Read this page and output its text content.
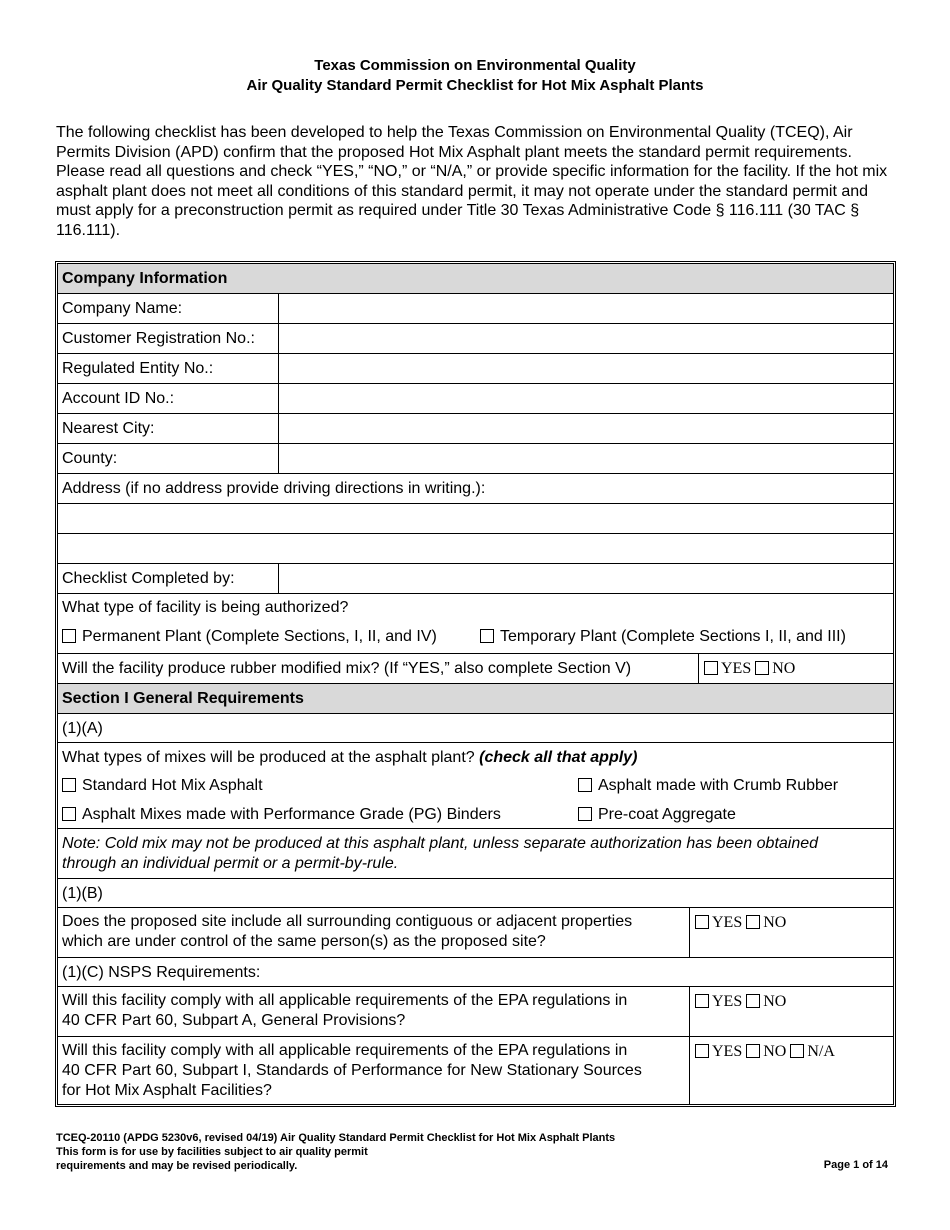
Texas Commission on Environmental Quality
Air Quality Standard Permit Checklist for Hot Mix Asphalt Plants
The following checklist has been developed to help the Texas Commission on Environmental Quality (TCEQ), Air Permits Division (APD) confirm that the proposed Hot Mix Asphalt plant meets the standard permit requirements. Please read all questions and check “YES,” “NO,” or “N/A,” or provide specific information for the facility. If the hot mix asphalt plant does not meet all conditions of this standard permit, it may not operate under the standard permit and must apply for a preconstruction permit as required under Title 30 Texas Administrative Code § 116.111 (30 TAC § 116.111).
Company Information
Company Name:
Customer Registration No.:
Regulated Entity No.:
Account ID No.:
Nearest City:
County:
Address (if no address provide driving directions in writing.):
Checklist Completed by:
What type of facility is being authorized?
Permanent Plant (Complete Sections, I, II, and IV)	Temporary Plant (Complete Sections I, II, and III)
Will the facility produce rubber modified mix? (If “YES,” also complete Section V)	YES NO
Section I General Requirements
(1)(A)
What types of mixes will be produced at the asphalt plant? (check all that apply)
Standard Hot Mix Asphalt	Asphalt made with Crumb Rubber
Asphalt Mixes made with Performance Grade (PG) Binders	Pre-coat Aggregate
Note: Cold mix may not be produced at this asphalt plant, unless separate authorization has been obtained
through an individual permit or a permit-by-rule.
(1)(B)
Does the proposed site include all surrounding contiguous or adjacent properties
which are under control of the same person(s) as the proposed site?
YES NO
(1)(C) NSPS Requirements:
Will this facility comply with all applicable requirements of the EPA regulations in
40 CFR Part 60, Subpart A, General Provisions?
YES NO
Will this facility comply with all applicable requirements of the EPA regulations in
40 CFR Part 60, Subpart I, Standards of Performance for New Stationary Sources
for Hot Mix Asphalt Facilities?
YES NO N/A
TCEQ-20110 (APDG 5230v6, revised 04/19) Air Quality Standard Permit Checklist for Hot Mix Asphalt Plants
This form is for use by facilities subject to air quality permit
requirements and may be revised periodically.	Page 1 of 14
